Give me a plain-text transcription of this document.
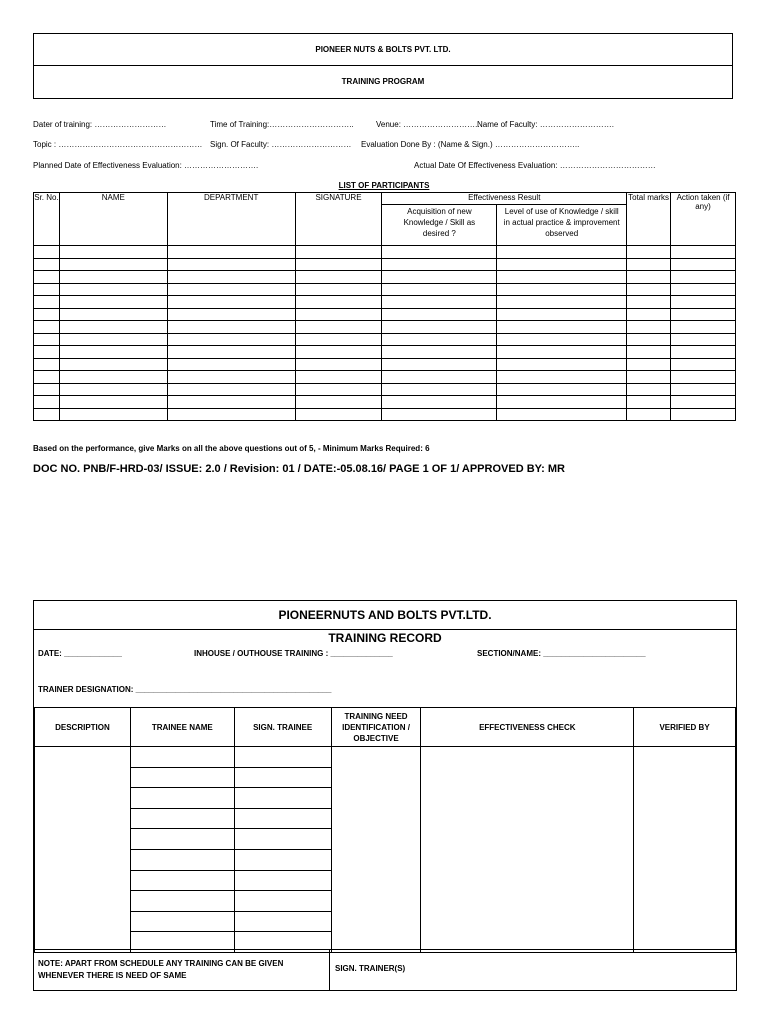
PIONEER NUTS & BOLTS PVT. LTD.
TRAINING PROGRAM
Dater of training: ………………………	Time of Training:…………………………..	Venue: ………………………..
Name of Faculty: ……………………….
Topic : ……………………………………………… Sign. Of Faculty: ………………………… Evaluation Done By : (Name & Sign.) …………………………..
Planned Date of Effectiveness Evaluation: ……………………….	Actual Date Of Effectiveness Evaluation: ………………………………
LIST OF PARTICIPANTS
Sr. No.	NAME	DEPARTMENT	SIGNATURE	Effectiveness Result		Total marks	Action taken (if any)
				Acquisition of new Knowledge / Skill as desired ?	Level of use of Knowledge / skill in actual practice & improvement observed		

Based on the performance, give Marks on all the above questions out of 5, - Minimum Marks Required: 6
DOC NO. PNB/F-HRD-03/ ISSUE: 2.0 / Revision: 01 / DATE:-05.08.16/ PAGE 1 OF 1/ APPROVED BY: MR
PIONEERNUTS AND BOLTS PVT.LTD.
TRAINING RECORD
DATE: _____________	INHOUSE / OUTHOUSE TRAINING : ______________	SECTION/NAME: _______________________
TRAINER DESIGNATION: ____________________________________________
DESCRIPTION	TRAINEE NAME	SIGN. TRAINEE	TRAINING NEED IDENTIFICATION / OBJECTIVE	EFFECTIVENESS CHECK	VERIFIED BY

NOTE: APART FROM SCHEDULE ANY TRAINING CAN BE GIVEN WHENEVER THERE IS NEED OF SAME
SIGN. TRAINER(S)
